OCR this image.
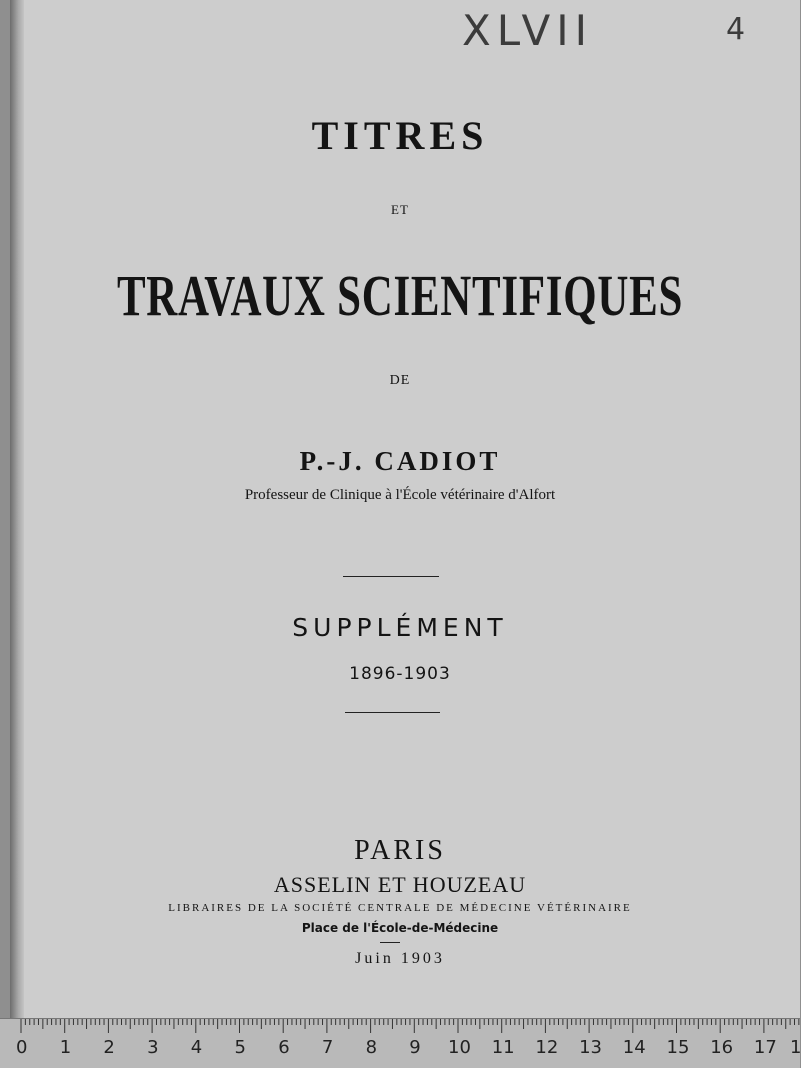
XLVII	4
TITRES
ET
TRAVAUX SCIENTIFIQUES
DE
P.-J. CADIOT
Professeur de Clinique à l'École vétérinaire d'Alfort
SUPPLÉMENT
1896-1903
PARIS
ASSELIN ET HOUZEAU
LIBRAIRES DE LA SOCIÉTÉ CENTRALE DE MÉDECINE VÉTÉRINAIRE
Place de l'École-de-Médecine
Juin 1903
0 1 2 3 4 5 6 7 8 9 10 11 12 13 14 15 16 17 1
